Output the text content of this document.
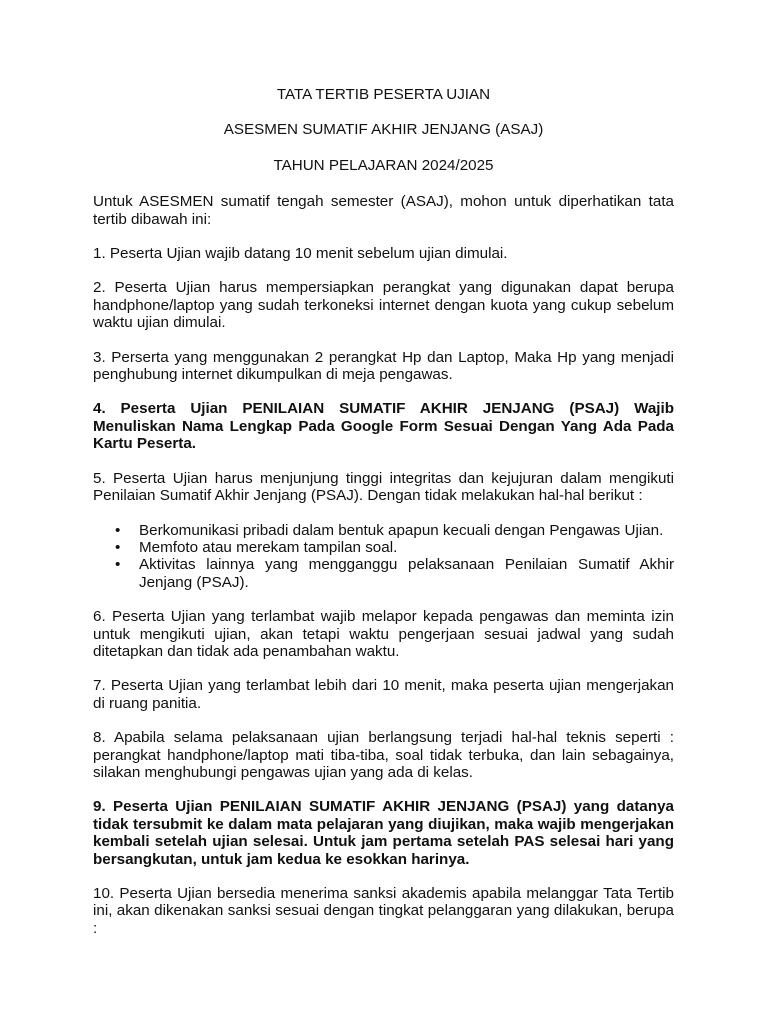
TATA TERTIB PESERTA UJIAN
ASESMEN SUMATIF AKHIR JENJANG (ASAJ)
TAHUN PELAJARAN 2024/2025

Untuk ASESMEN sumatif tengah semester (ASAJ), mohon untuk diperhatikan tata tertib dibawah ini:

1. Peserta Ujian wajib datang 10 menit sebelum ujian dimulai.

2. Peserta Ujian harus mempersiapkan perangkat yang digunakan dapat berupa handphone/laptop yang sudah terkoneksi internet dengan kuota yang cukup sebelum waktu ujian dimulai.

3. Perserta yang menggunakan 2 perangkat Hp dan Laptop, Maka Hp yang menjadi penghubung internet dikumpulkan di meja pengawas.

4. Peserta Ujian PENILAIAN SUMATIF AKHIR JENJANG (PSAJ) Wajib Menuliskan Nama Lengkap Pada Google Form Sesuai Dengan Yang Ada Pada Kartu Peserta.

5. Peserta Ujian harus menjunjung tinggi integritas dan kejujuran dalam mengikuti Penilaian Sumatif Akhir Jenjang (PSAJ). Dengan tidak melakukan hal-hal berikut :

• Berkomunikasi pribadi dalam bentuk apapun kecuali dengan Pengawas Ujian.
• Memfoto atau merekam tampilan soal.
• Aktivitas lainnya yang mengganggu pelaksanaan Penilaian Sumatif Akhir Jenjang (PSAJ).

6. Peserta Ujian yang terlambat wajib melapor kepada pengawas dan meminta izin untuk mengikuti ujian, akan tetapi waktu pengerjaan sesuai jadwal yang sudah ditetapkan dan tidak ada penambahan waktu.

7. Peserta Ujian yang terlambat lebih dari 10 menit, maka peserta ujian mengerjakan di ruang panitia.

8. Apabila selama pelaksanaan ujian berlangsung terjadi hal-hal teknis seperti : perangkat handphone/laptop mati tiba-tiba, soal tidak terbuka, dan lain sebagainya, silakan menghubungi pengawas ujian yang ada di kelas.

9. Peserta Ujian PENILAIAN SUMATIF AKHIR JENJANG (PSAJ) yang datanya tidak tersubmit ke dalam mata pelajaran yang diujikan, maka wajib mengerjakan kembali setelah ujian selesai. Untuk jam pertama setelah PAS selesai hari yang bersangkutan, untuk jam kedua ke esokkan harinya.

10. Peserta Ujian bersedia menerima sanksi akademis apabila melanggar Tata Tertib ini, akan dikenakan sanksi sesuai dengan tingkat pelanggaran yang dilakukan, berupa :
